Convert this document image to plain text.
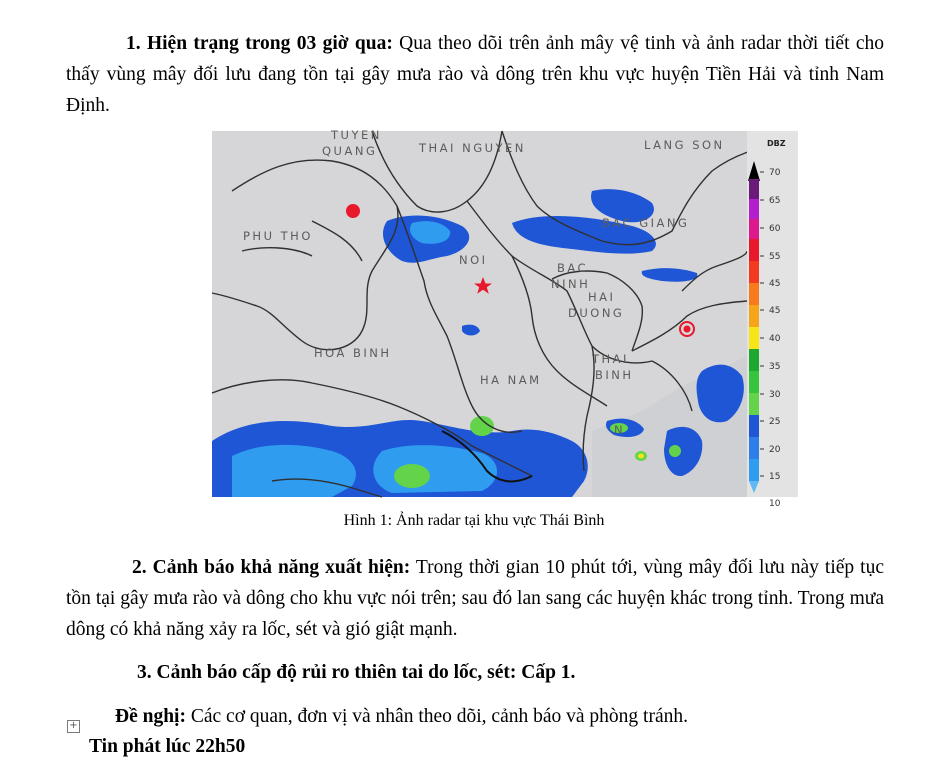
1. Hiện trạng trong 03 giờ qua: Qua theo dõi trên ảnh mây vệ tinh và ảnh radar thời tiết cho thấy vùng mây đối lưu đang tồn tại gây mưa rào và dông trên khu vực huyện Tiền Hải và tỉnh Nam Định.
TUYEN
QUANG	THAI NGUYEN	LANG SON
PHU THO
BAC GIANG
NOI
BAC
NINH
HAI
DUONG
HOA BINH	THAI
BINH
HA NAM
N
DBZ
70
65
60
55
45
45
40
35
30
25
20
15
10
Hình 1: Ảnh radar tại khu vực Thái Bình
2. Cảnh báo khả năng xuất hiện: Trong thời gian 10 phút tới, vùng mây đối lưu này tiếp tục tồn tại gây mưa rào và dông cho khu vực nói trên; sau đó lan sang các huyện khác trong tỉnh. Trong mưa dông có khả năng xảy ra lốc, sét và gió giật mạnh.
3. Cảnh báo cấp độ rủi ro thiên tai do lốc, sét: Cấp 1.
+ Đề nghị: Các cơ quan, đơn vị và nhân theo dõi, cảnh báo và phòng tránh.
Tin phát lúc 22h50
